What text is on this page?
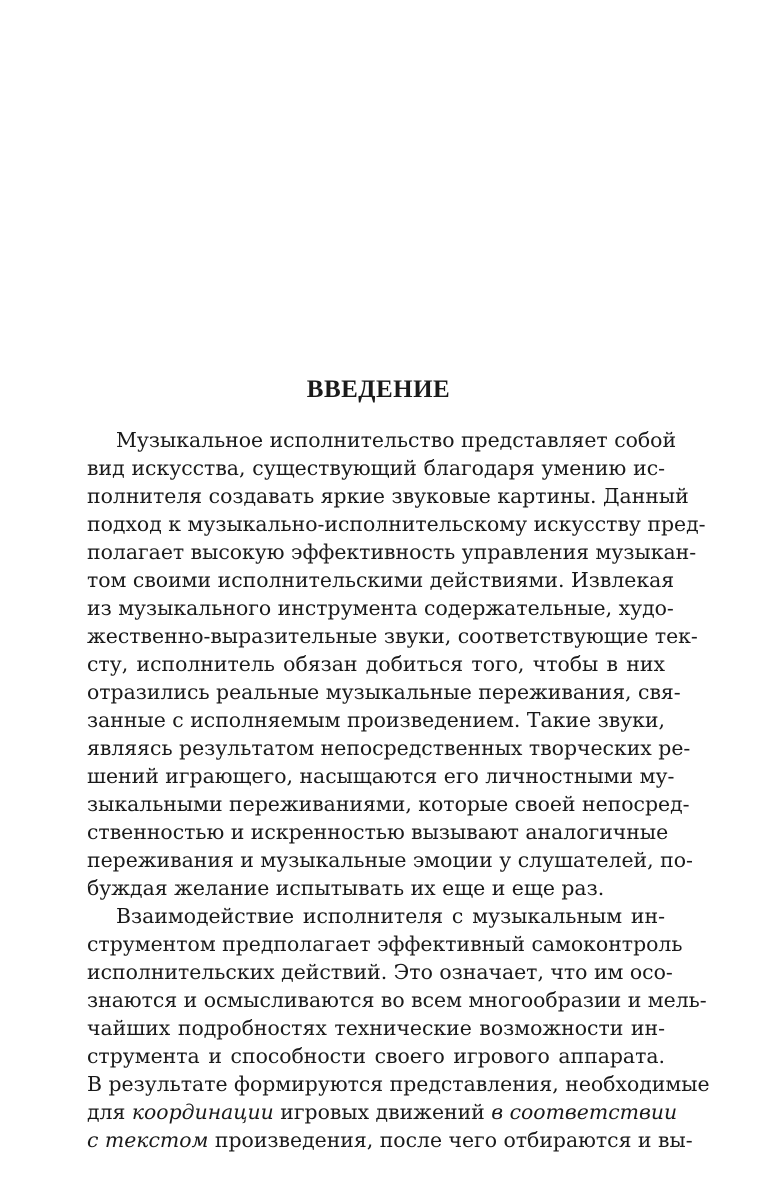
ВВЕДЕНИЕ
Музыкальное исполнительство представляет собой
вид искусства, существующий благодаря умению ис-
полнителя создавать яркие звуковые картины. Данный
подход к музыкально-исполнительскому искусству пред-
полагает высокую эффективность управления музыкан-
том своими исполнительскими действиями. Извлекая
из музыкального инструмента содержательные, худо-
жественно-выразительные звуки, соответствующие тек-
сту, исполнитель обязан добиться того, чтобы в них
отразились реальные музыкальные переживания, свя-
занные с исполняемым произведением. Такие звуки,
являясь результатом непосредственных творческих ре-
шений играющего, насыщаются его личностными му-
зыкальными переживаниями, которые своей непосред-
ственностью и искренностью вызывают аналогичные
переживания и музыкальные эмоции у слушателей, по-
буждая желание испытывать их еще и еще раз.
Взаимодействие исполнителя с музыкальным ин-
струментом предполагает эффективный самоконтроль
исполнительских действий. Это означает, что им осо-
знаются и осмысливаются во всем многообразии и мель-
чайших подробностях технические возможности ин-
струмента и способности своего игрового аппарата.
В результате формируются представления, необходимые
для координации игровых движений в соответствии
с текстом произведения, после чего отбираются и вы-
